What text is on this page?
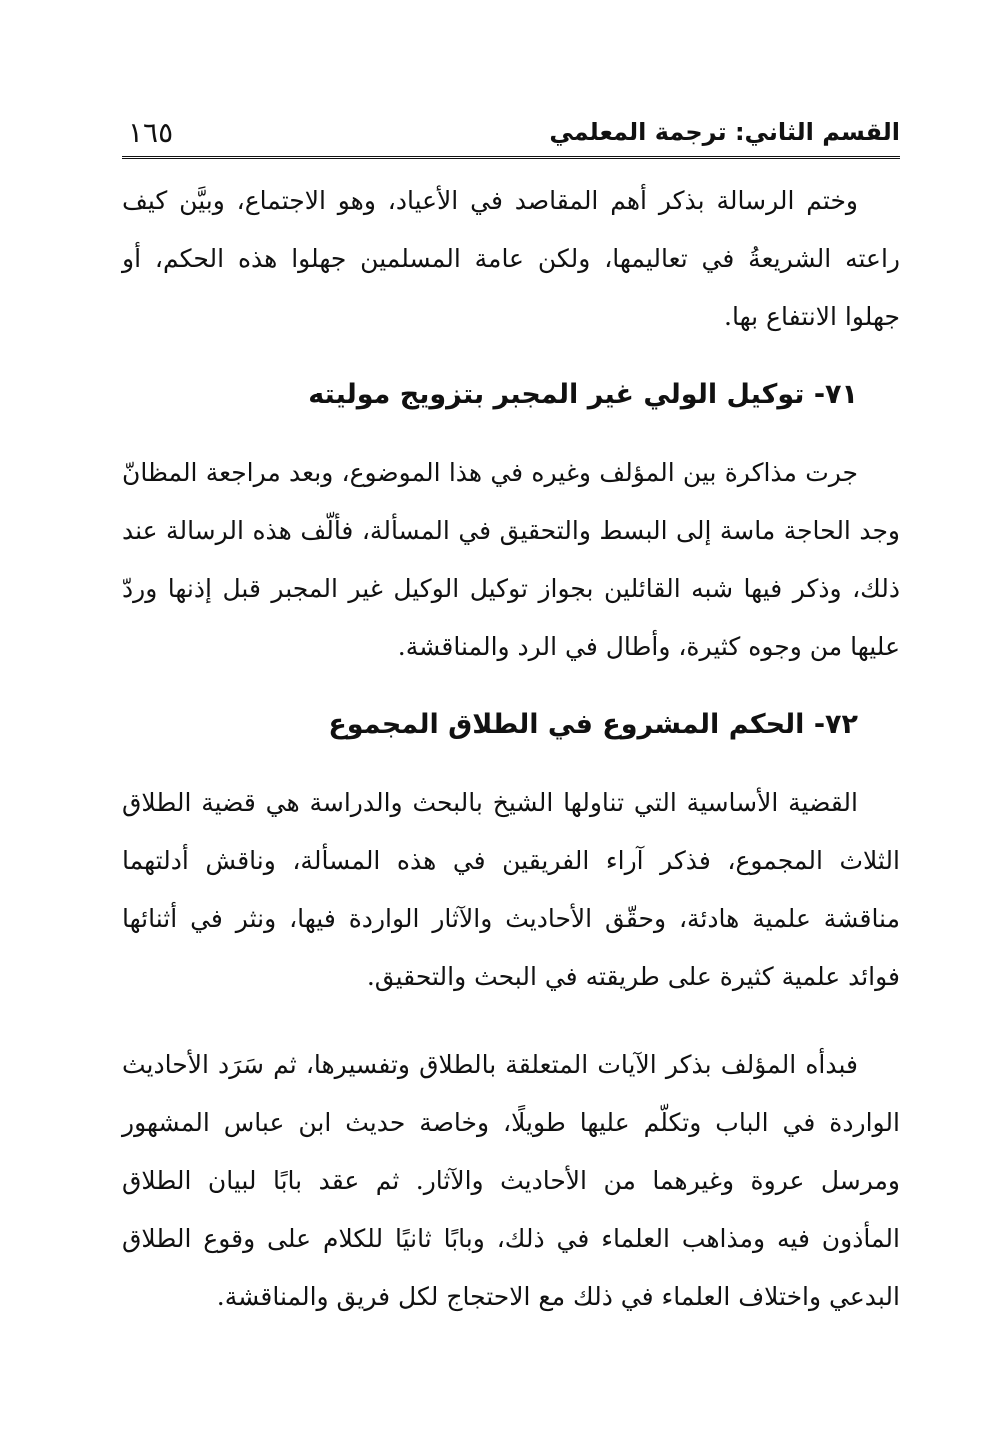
القسم الثاني: ترجمة المعلمي
١٦٥

وختم الرسالة بذكر أهم المقاصد في الأعياد، وهو الاجتماع، وبيَّن كيف راعته الشريعةُ في تعاليمها، ولكن عامة المسلمين جهلوا هذه الحكم، أو جهلوا الانتفاع بها.

٧١- توكيل الولي غير المجبر بتزويج موليته

جرت مذاكرة بين المؤلف وغيره في هذا الموضوع، وبعد مراجعة المظانّ وجد الحاجة ماسة إلى البسط والتحقيق في المسألة، فألّف هذه الرسالة عند ذلك، وذكر فيها شبه القائلين بجواز توكيل الوكيل غير المجبر قبل إذنها وردّ عليها من وجوه كثيرة، وأطال في الرد والمناقشة.

٧٢- الحكم المشروع في الطلاق المجموع

القضية الأساسية التي تناولها الشيخ بالبحث والدراسة هي قضية الطلاق الثلاث المجموع، فذكر آراء الفريقين في هذه المسألة، وناقش أدلتهما مناقشة علمية هادئة، وحقّق الأحاديث والآثار الواردة فيها، ونثر في أثنائها فوائد علمية كثيرة على طريقته في البحث والتحقيق.

فبدأه المؤلف بذكر الآيات المتعلقة بالطلاق وتفسيرها، ثم سَرَد الأحاديث الواردة في الباب وتكلّم عليها طويلًا، وخاصة حديث ابن عباس المشهور ومرسل عروة وغيرهما من الأحاديث والآثار. ثم عقد بابًا لبيان الطلاق المأذون فيه ومذاهب العلماء في ذلك، وبابًا ثانيًا للكلام على وقوع الطلاق البدعي واختلاف العلماء في ذلك مع الاحتجاج لكل فريق والمناقشة.
